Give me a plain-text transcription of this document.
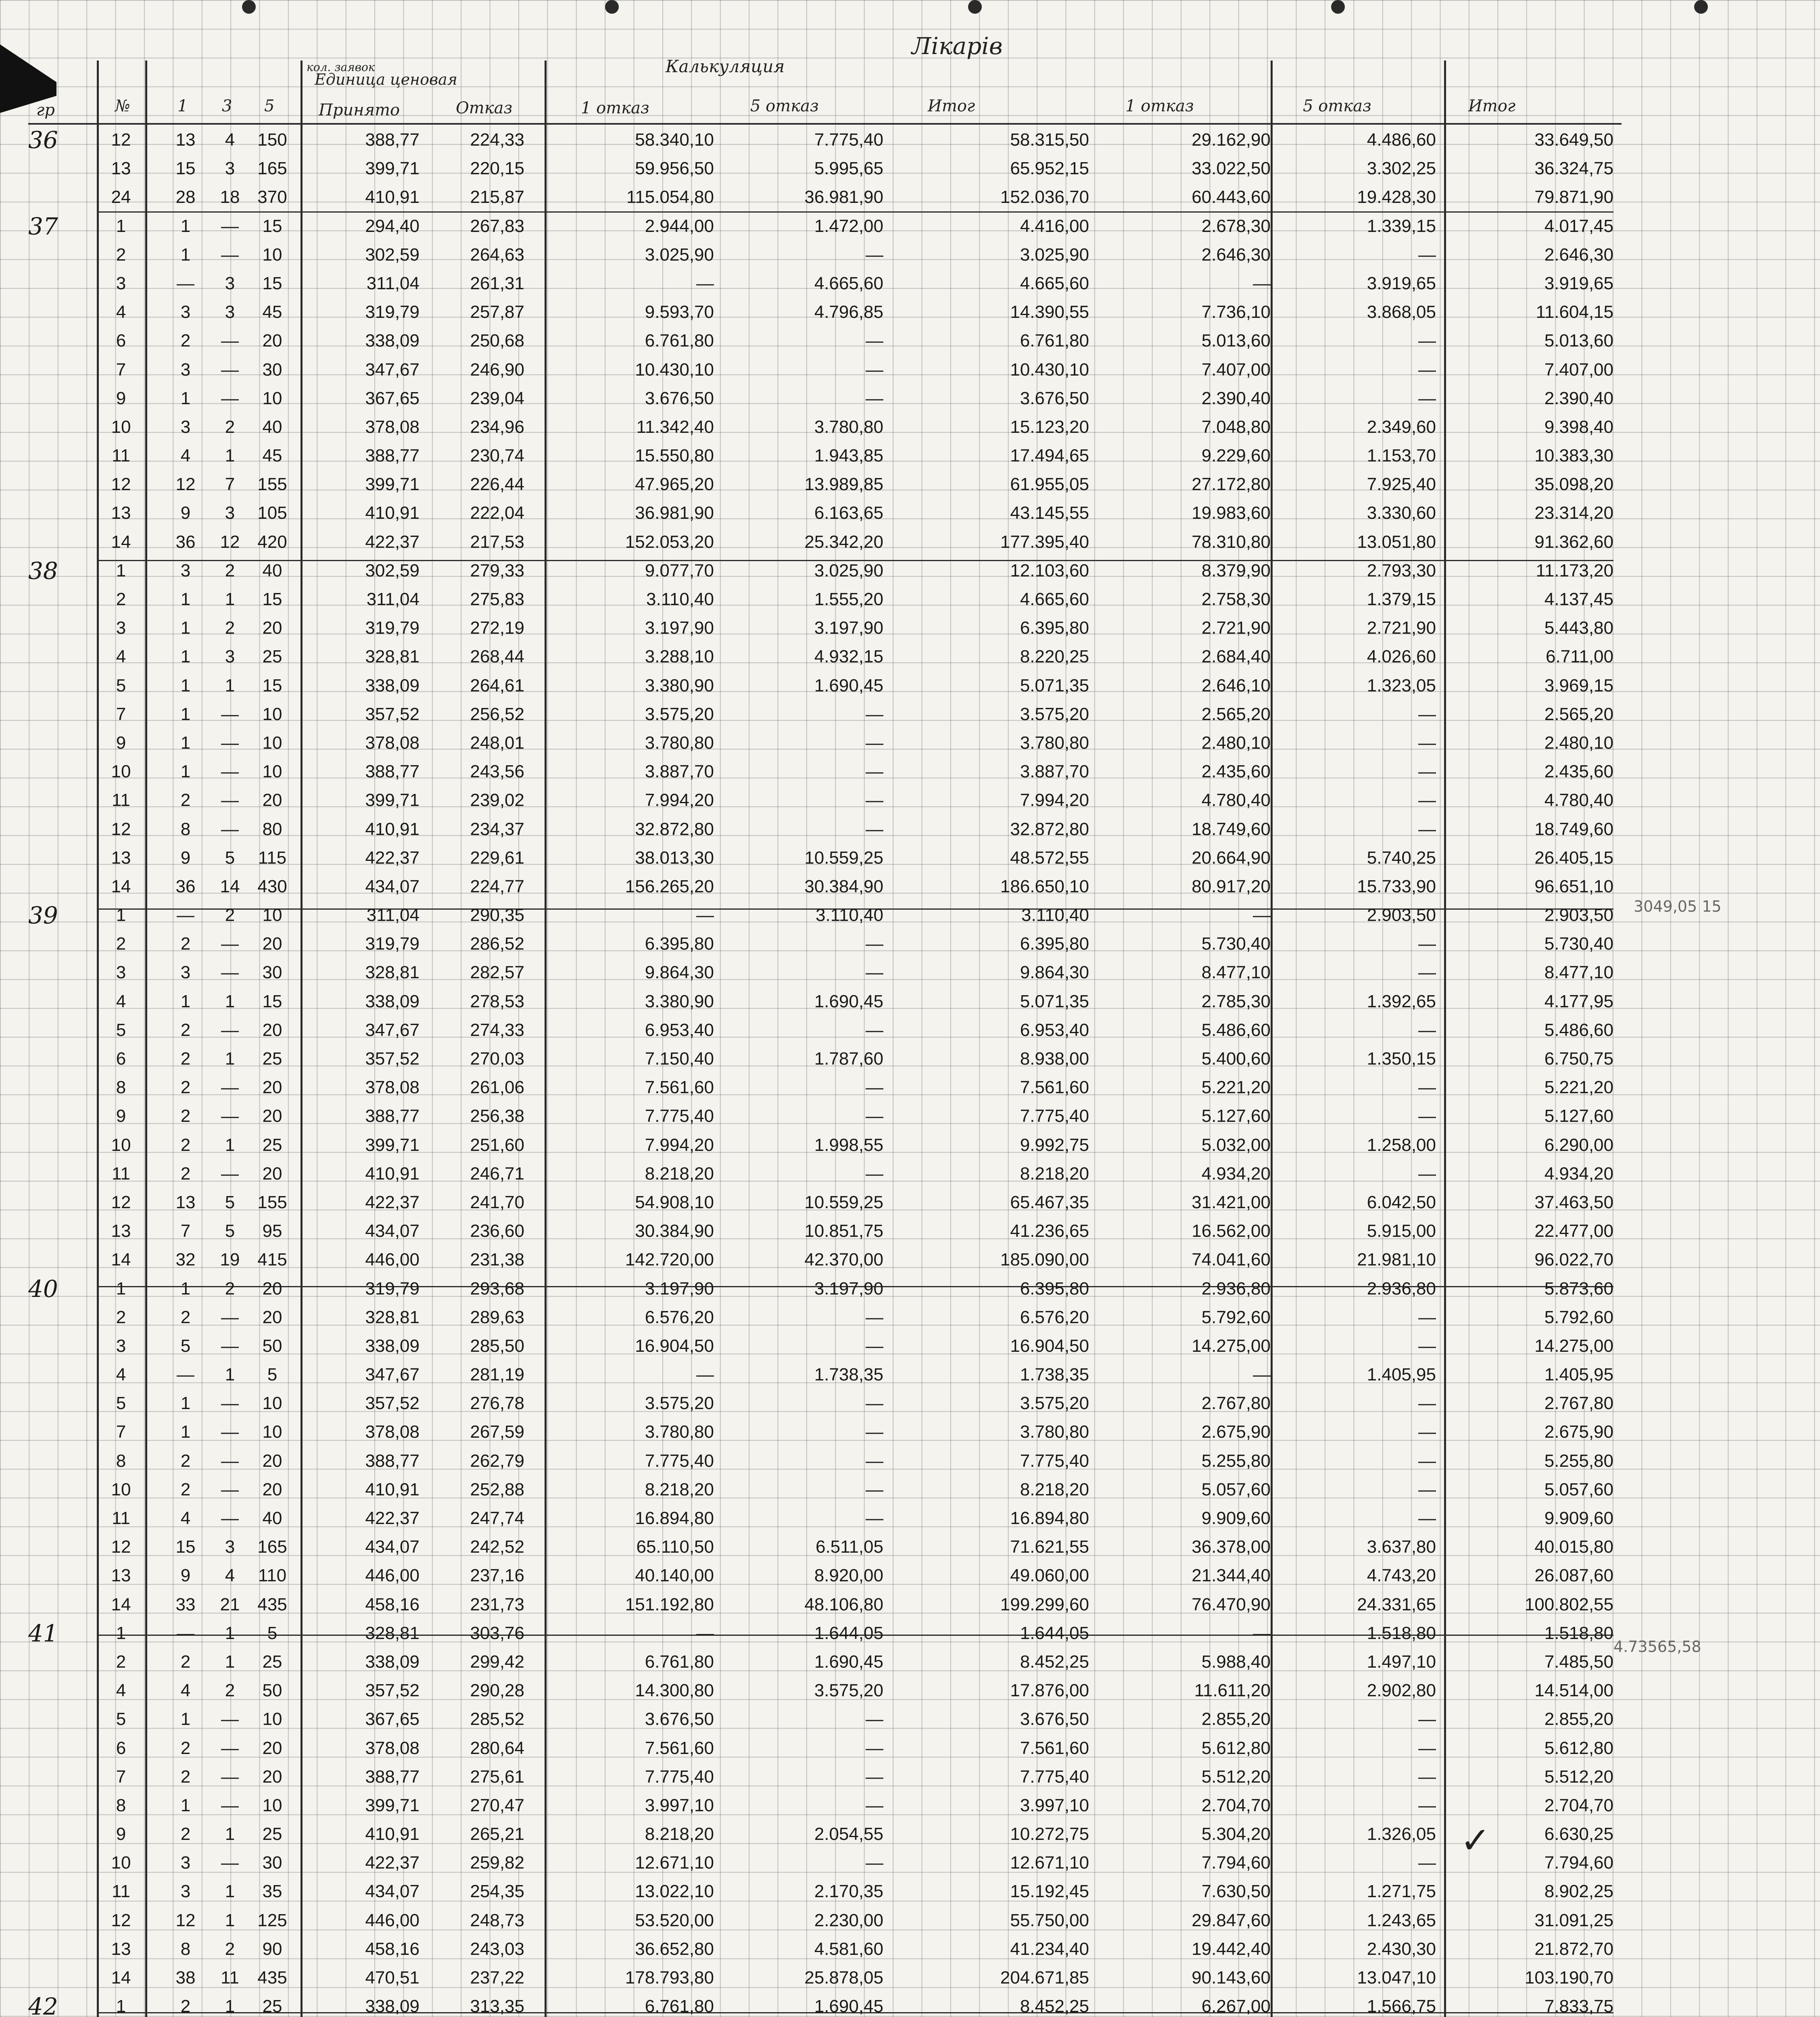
Лікарів
Калькуляция
Единица ценовая
кол. заявок
гр	№	1 3 5	Принято	Отказ	1 отказ	5 отказ	Итог	1 отказ	5 отказ	Итог
36	12	13	4	150	388,77	224,33	58.340,10	7.775,40	58.315,50	29.162,90	4.486,60	33.649,50
13	15	3	165	399,71	220,15	59.956,50	5.995,65	65.952,15	33.022,50	3.302,25	36.324,75
24	28	18 370	410,91	215,87	115.054,80	36.981,90	152.036,70	60.443,60	19.428,30	79.871,90
37	1	1	—	15	294,40	267,83	2.944,00	1.472,00	4.416,00	2.678,30	1.339,15	4.017,45
2	1	—	10	302,59	264,63	3.025,90	—	3.025,90	2.646,30	—	2.646,30
3	—	3	15	311,04	261,31	—	4.665,60	4.665,60	—	3.919,65	3.919,65
4	3	3	45	319,79	257,87	9.593,70	4.796,85	14.390,55	7.736,10	3.868,05	11.604,15
6	2	—	20	338,09	250,68	6.761,80	—	6.761,80	5.013,60	—	5.013,60
7	3	—	30	347,67	246,90	10.430,10	—	10.430,10	7.407,00	—	7.407,00
9	1	—	10	367,65	239,04	3.676,50	—	3.676,50	2.390,40	—	2.390,40
10	3	2	40	378,08	234,96	11.342,40	3.780,80	15.123,20	7.048,80	2.349,60	9.398,40
11	4	1	45	388,77	230,74	15.550,80	1.943,85	17.494,65	9.229,60	1.153,70	10.383,30
12	12	7	155	399,71	226,44	47.965,20	13.989,85	61.955,05	27.172,80	7.925,40	35.098,20
13	9	3	105	410,91	222,04	36.981,90	6.163,65	43.145,55	19.983,60	3.330,60	23.314,20
14	36	12 420	422,37	217,53	152.053,20	25.342,20	177.395,40	78.310,80	13.051,80	91.362,60
38	1	3	2	40	302,59	279,33	9.077,70	3.025,90	12.103,60	8.379,90	2.793,30	11.173,20
2	1	1	15	311,04	275,83	3.110,40	1.555,20	4.665,60	2.758,30	1.379,15	4.137,45
3	1	2	20	319,79	272,19	3.197,90	3.197,90	6.395,80	2.721,90	2.721,90	5.443,80
4	1	3	25	328,81	268,44	3.288,10	4.932,15	8.220,25	2.684,40	4.026,60	6.711,00
5	1	1	15	338,09	264,61	3.380,90	1.690,45	5.071,35	2.646,10	1.323,05	3.969,15
7	1	—	10	357,52	256,52	3.575,20	—	3.575,20	2.565,20	—	2.565,20
9	1	—	10	378,08	248,01	3.780,80	—	3.780,80	2.480,10	—	2.480,10
10	1	—	10	388,77	243,56	3.887,70	—	3.887,70	2.435,60	—	2.435,60
11	2	—	20	399,71	239,02	7.994,20	—	7.994,20	4.780,40	—	4.780,40
12	8	—	80	410,91	234,37	32.872,80	—	32.872,80	18.749,60	—	18.749,60
13	9	5	115	422,37	229,61	38.013,30	10.559,25	48.572,55	20.664,90	5.740,25	26.405,15
14	36	14 430	434,07	224,77	156.265,20	30.384,90	186.650,10	80.917,20	15.733,90	96.651,10
39	1	—	2	10	311,04	290,35	—	3.110,40	3.110,40	—	2.903,50	2.903,50
2	2	—	20	319,79	286,52	6.395,80	—	6.395,80	5.730,40	—	5.730,40
3	3	—	30	328,81	282,57	9.864,30	—	9.864,30	8.477,10	—	8.477,10
4	1	1	15	338,09	278,53	3.380,90	1.690,45	5.071,35	2.785,30	1.392,65	4.177,95
5	2	—	20	347,67	274,33	6.953,40	—	6.953,40	5.486,60	—	5.486,60
6	2	1	25	357,52	270,03	7.150,40	1.787,60	8.938,00	5.400,60	1.350,15	6.750,75
8	2	—	20	378,08	261,06	7.561,60	—	7.561,60	5.221,20	—	5.221,20
9	2	—	20	388,77	256,38	7.775,40	—	7.775,40	5.127,60	—	5.127,60
10	2	1	25	399,71	251,60	7.994,20	1.998,55	9.992,75	5.032,00	1.258,00	6.290,00
11	2	—	20	410,91	246,71	8.218,20	—	8.218,20	4.934,20	—	4.934,20
12	13	5	155	422,37	241,70	54.908,10	10.559,25	65.467,35	31.421,00	6.042,50	37.463,50
13	7	5	95	434,07	236,60	30.384,90	10.851,75	41.236,65	16.562,00	5.915,00	22.477,00
14	32	19 415	446,00	231,38	142.720,00	42.370,00	185.090,00	74.041,60	21.981,10	96.022,70
40	1	1	2	20	319,79	293,68	3.197,90	3.197,90	6.395,80	2.936,80	2.936,80	5.873,60
2	2	—	20	328,81	289,63	6.576,20	—	6.576,20	5.792,60	—	5.792,60
3	5	—	50	338,09	285,50	16.904,50	—	16.904,50	14.275,00	—	14.275,00
4	—	1	5	347,67	281,19	—	1.738,35	1.738,35	—	1.405,95	1.405,95
5	1	—	10	357,52	276,78	3.575,20	—	3.575,20	2.767,80	—	2.767,80
7	1	—	10	378,08	267,59	3.780,80	—	3.780,80	2.675,90	—	2.675,90
8	2	—	20	388,77	262,79	7.775,40	—	7.775,40	5.255,80	—	5.255,80
10	2	—	20	410,91	252,88	8.218,20	—	8.218,20	5.057,60	—	5.057,60
11	4	—	40	422,37	247,74	16.894,80	—	16.894,80	9.909,60	—	9.909,60
12	15	3	165	434,07	242,52	65.110,50	6.511,05	71.621,55	36.378,00	3.637,80	40.015,80
13	9	4	110	446,00	237,16	40.140,00	8.920,00	49.060,00	21.344,40	4.743,20	26.087,60
14	33	21 435	458,16	231,73	151.192,80	48.106,80	199.299,60	76.470,90	24.331,65	100.802,55
41	1	—	1	5	328,81	303,76	—	1.644,05	1.644,05	—	1.518,80	1.518,80
2	2	1	25	338,09	299,42	6.761,80	1.690,45	8.452,25	5.988,40	1.497,10	7.485,50
4	4	2	50	357,52	290,28	14.300,80	3.575,20	17.876,00	11.611,20	2.902,80	14.514,00
5	1	—	10	367,65	285,52	3.676,50	—	3.676,50	2.855,20	—	2.855,20
6	2	—	20	378,08	280,64	7.561,60	—	7.561,60	5.612,80	—	5.612,80
7	2	—	20	388,77	275,61	7.775,40	—	7.775,40	5.512,20	—	5.512,20
8	1	—	10	399,71	270,47	3.997,10	—	3.997,10	2.704,70	—	2.704,70
9	2	1	25	410,91	265,21	8.218,20	2.054,55	10.272,75	5.304,20	1.326,05	6.630,25
10	3	—	30	422,37	259,82	12.671,10	—	12.671,10	7.794,60	—	7.794,60
11	3	1	35	434,07	254,35	13.022,10	2.170,35	15.192,45	7.630,50	1.271,75	8.902,25
12	12	1	125	446,00	248,73	53.520,00	2.230,00	55.750,00	29.847,60	1.243,65	31.091,25
13	8	2	90	458,16	243,03	36.652,80	4.581,60	41.234,40	19.442,40	2.430,30	21.872,70
14	38	11	435	470,51	237,22	178.793,80	25.878,05	204.671,85	90.143,60	13.047,10	103.190,70
42	1	2	1	25	338,09	313,35	6.761,80	1.690,45	8.452,25	6.267,00	1.566,75	7.833,75
3049,05 15
4.73565,58
✓
